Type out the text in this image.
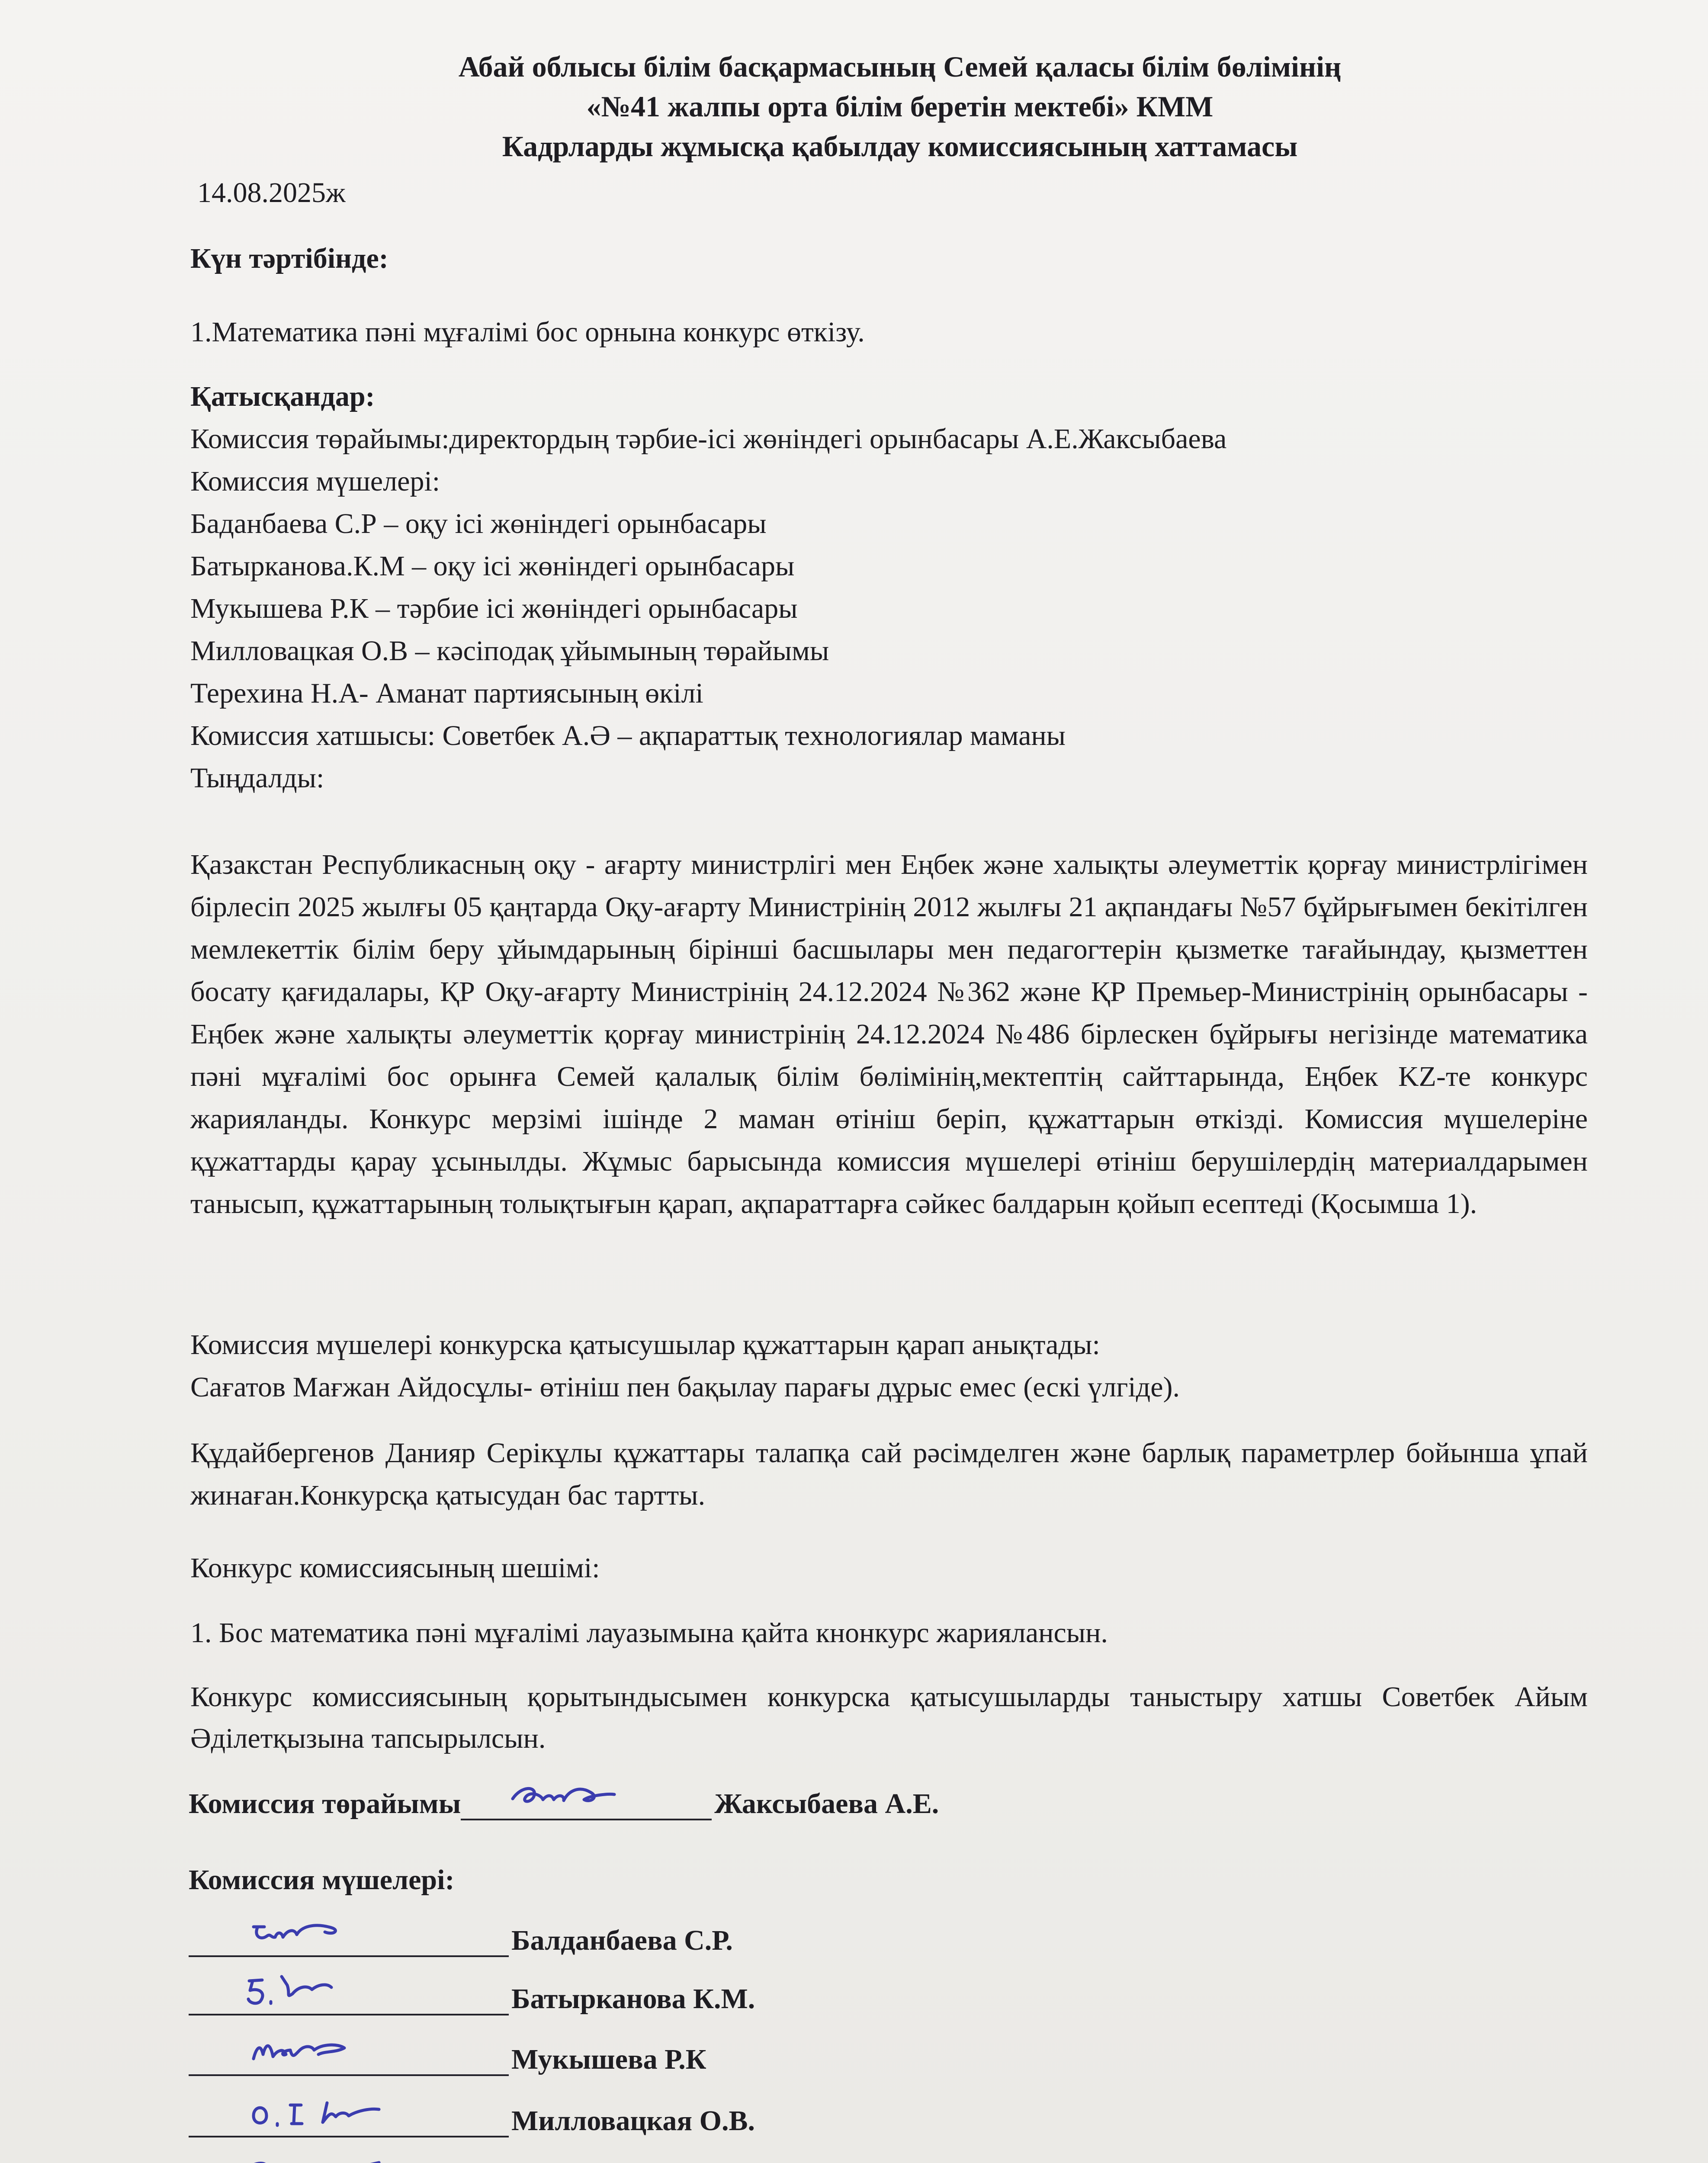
Абай облысы білім басқармасының Семей қаласы білім бөлімінің
«№41 жалпы орта білім беретін мектебі» КММ
Кадрларды жұмысқа қабылдау комиссиясының хаттамасы
14.08.2025ж
Күн тәртібінде:
1.Математика пәні мұғалімі бос орнына конкурс өткізу.
Қатысқандар:
Комиссия төрайымы:директордың тәрбие-ісі жөніндегі орынбасары А.Е.Жаксыбаева
Комиссия мүшелері:
Баданбаева С.Р – оқу ісі жөніндегі орынбасары
Батырканова.К.М – оқу ісі жөніндегі орынбасары
Мукышева Р.К – тәрбие ісі жөніндегі орынбасары
Милловацкая О.В – кәсіподақ ұйымының төрайымы
Терехина Н.А- Аманат партиясының өкілі
Комиссия хатшысы: Советбек А.Ә – ақпараттық технологиялар маманы
Тыңдалды:
Қазакстан Республикасның оқу - ағарту министрлігі мен Еңбек және халықты әлеуметтік қорғау министрлігімен бірлесіп 2025 жылғы 05 қаңтарда Оқу-ағарту Министрінің 2012 жылғы 21 ақпандағы №57 бұйрығымен бекітілген мемлекеттік білім беру ұйымдарының бірінші басшылары мен педагогтерін қызметке тағайындау, қызметтен босату қағидалары, ҚР Оқу-ағарту Министрінің 24.12.2024 №362 және ҚР Премьер-Министрінің орынбасары - Еңбек және халықты әлеуметтік қорғау министрінің 24.12.2024 №486 бірлескен бұйрығы негізінде математика пәні мұғалімі бос орынға Семей қалалық білім бөлімінің,мектептің сайттарында, Еңбек KZ-те конкурс жарияланды. Конкурс мерзімі ішінде 2 маман өтініш беріп, құжаттарын өткізді. Комиссия мүшелеріне құжаттарды қарау ұсынылды. Жұмыс барысында комиссия мүшелері өтініш берушілердің материалдарымен танысып, құжаттарының толықтығын қарап, ақпараттарға сәйкес балдарын қойып есептеді (Қосымша 1).
Комиссия мүшелері конкурска қатысушылар құжаттарын қарап анықтады:
Сағатов Мағжан Айдосұлы- өтініш пен бақылау парағы дұрыс емес (ескі үлгіде).
Құдайбергенов Данияр Серікұлы құжаттары талапқа сай рәсімделген және барлық параметрлер бойынша ұпай жинаған.Конкурсқа қатысудан бас тартты.
Конкурс комиссиясының шешімі:
1. Бос математика пәні мұғалімі лауазымына қайта кнонкурс жариялансын.
Конкурс комиссиясының қорытындысымен конкурска қатысушыларды таныстыру хатшы Советбек Айым Әділетқызына тапсырылсын.
Комиссия төрайымы	Жаксыбаева А.Е.
Комиссия мүшелері:
Балданбаева С.Р.
Батырканова К.М.
Мукышева Р.К
Милловацкая О.В.
